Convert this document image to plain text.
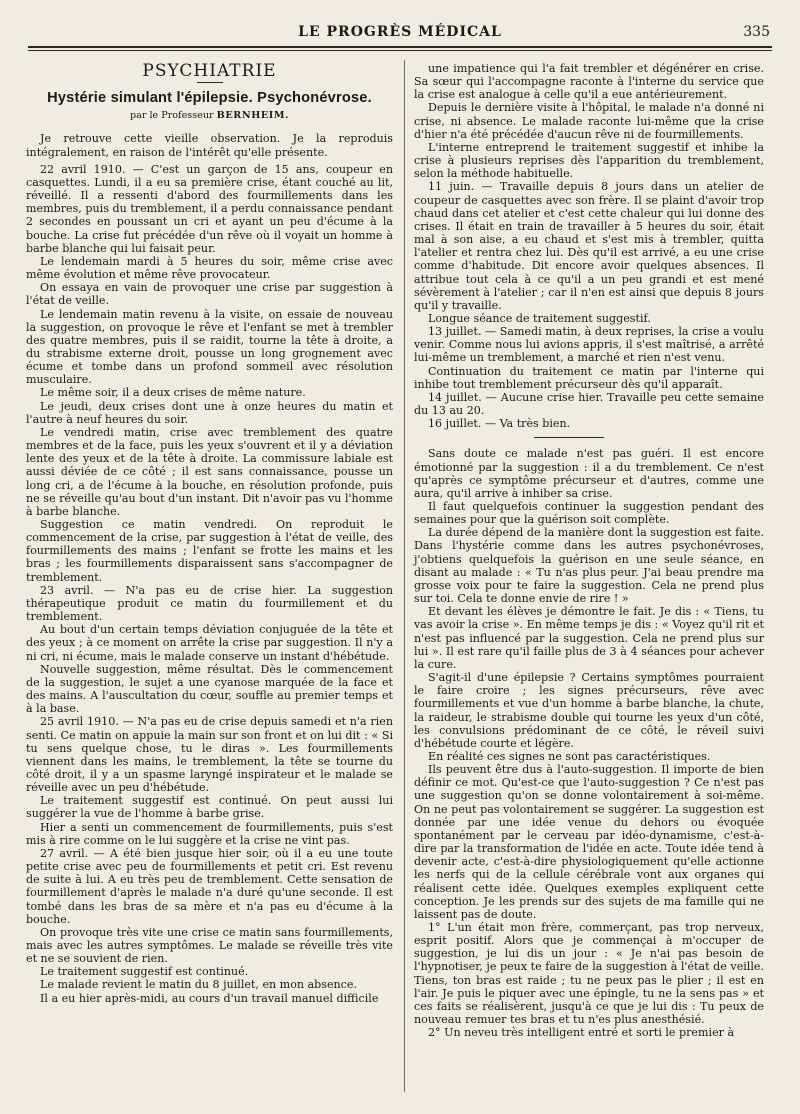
LE PROGRÈS MÉDICAL	335
PSYCHIATRIE
Hystérie simulant l'épilepsie. Psychonévrose.
par le Professeur BERNHEIM.

Je retrouve cette vieille observation. Je la reproduis intégralement, en raison de l'intérêt qu'elle présente.

22 avril 1910. — C'est un garçon de 15 ans, coupeur en casquettes. Lundi, il a eu sa première crise, étant couché au lit, réveillé. Il a ressenti d'abord des fourmillements dans les membres, puis du tremblement, il a perdu connaissance pendant 2 secondes en poussant un cri et ayant un peu d'écume à la bouche. La crise fut précédée d'un rêve où il voyait un homme à barbe blanche qui lui faisait peur.

Le lendemain mardi à 5 heures du soir, même crise avec même évolution et même rêve provocateur.

On essaya en vain de provoquer une crise par suggestion à l'état de veille.

Le lendemain matin revenu à la visite, on essaie de nouveau la suggestion, on provoque le rêve et l'enfant se met à trembler des quatre membres, puis il se raidit, tourne la tête à droite, a du strabisme externe droit, pousse un long grognement avec écume et tombe dans un profond sommeil avec résolution musculaire.

Le même soir, il a deux crises de même nature.

Le jeudi, deux crises dont une à onze heures du matin et l'autre à neuf heures du soir.

Le vendredi matin, crise avec tremblement des quatre membres et de la face, puis les yeux s'ouvrent et il y a déviation lente des yeux et de la tête à droite. La commissure labiale est aussi déviée de ce côté ; il est sans connaissance, pousse un long cri, a de l'écume à la bouche, en résolution profonde, puis ne se réveille qu'au bout d'un instant. Dit n'avoir pas vu l'homme à barbe blanche.

Suggestion ce matin vendredi. On reproduit le commencement de la crise, par suggestion à l'état de veille, des fourmillements des mains ; l'enfant se frotte les mains et les bras ; les fourmillements disparaissent sans s'accompagner de tremblement.

23 avril. — N'a pas eu de crise hier. La suggestion thérapeutique produit ce matin du fourmillement et du tremblement.

Au bout d'un certain temps déviation conjuguée de la tête et des yeux ; à ce moment on arrête la crise par suggestion. Il n'y a ni cri, ni écume, mais le malade conserve un instant d'hébétude.

Nouvelle suggestion, même résultat. Dès le commencement de la suggestion, le sujet a une cyanose marquée de la face et des mains. A l'auscultation du cœur, souffle au premier temps et à la base.

25 avril 1910. — N'a pas eu de crise depuis samedi et n'a rien senti. Ce matin on appuie la main sur son front et on lui dit : « Si tu sens quelque chose, tu le diras ». Les fourmillements viennent dans les mains, le tremblement, la tête se tourne du côté droit, il y a un spasme laryngé inspirateur et le malade se réveille avec un peu d'hébétude.

Le traitement suggestif est continué. On peut aussi lui suggérer la vue de l'homme à barbe grise.

Hier a senti un commencement de fourmillements, puis s'est mis à rire comme on le lui suggère et la crise ne vint pas.

27 avril. — A été bien jusque hier soir, où il a eu une toute petite crise avec peu de fourmillements et petit cri. Est revenu de suite à lui. A eu très peu de tremblement. Cette sensation de fourmillement d'après le malade n'a duré qu'une seconde. Il est tombé dans les bras de sa mère et n'a pas eu d'écume à la bouche.

On provoque très vite une crise ce matin sans fourmillements, mais avec les autres symptômes. Le malade se réveille très vite et ne se souvient de rien.

Le traitement suggestif est continué.

Le malade revient le matin du 8 juillet, en mon absence.

Il a eu hier après-midi, au cours d'un travail manuel difficile

une impatience qui l'a fait trembler et dégénérer en crise. Sa sœur qui l'accompagne raconte à l'interne du service que la crise est analogue à celle qu'il a eue antérieurement.

Depuis le dernière visite à l'hôpital, le malade n'a donné ni crise, ni absence. Le malade raconte lui-même que la crise d'hier n'a été précédée d'aucun rêve ni de fourmillements.

L'interne entreprend le traitement suggestif et inhibe la crise à plusieurs reprises dès l'apparition du tremblement, selon la méthode habituelle.

11 juin. — Travaille depuis 8 jours dans un atelier de coupeur de casquettes avec son frère. Il se plaint d'avoir trop chaud dans cet atelier et c'est cette chaleur qui lui donne des crises. Il était en train de travailler à 5 heures du soir, était mal à son aise, a eu chaud et s'est mis à trembler, quitta l'atelier et rentra chez lui. Dès qu'il est arrivé, a eu une crise comme d'habitude. Dit encore avoir quelques absences. Il attribue tout cela à ce qu'il a un peu grandi et est mené sévèrement à l'atelier ; car il n'en est ainsi que depuis 8 jours qu'il y travaille.

Longue séance de traitement suggestif.

13 juillet. — Samedi matin, à deux reprises, la crise a voulu venir. Comme nous lui avions appris, il s'est maîtrisé, a arrêté lui-même un tremblement, a marché et rien n'est venu.

Continuation du traitement ce matin par l'interne qui inhibe tout tremblement précurseur dès qu'il apparaît.

14 juillet. — Aucune crise hier. Travaille peu cette semaine du 13 au 20.

16 juillet. — Va très bien.

Sans doute ce malade n'est pas guéri. Il est encore émotionné par la suggestion : il a du tremblement. Ce n'est qu'après ce symptôme précurseur et d'autres, comme une aura, qu'il arrive à inhiber sa crise.

Il faut quelquefois continuer la suggestion pendant des semaines pour que la guérison soit complète.

La durée dépend de la manière dont la suggestion est faite. Dans l'hystérie comme dans les autres psychonévroses, j'obtiens quelquefois la guérison en une seule séance, en disant au malade : « Tu n'as plus peur. J'ai beau prendre ma grosse voix pour te faire la suggestion. Cela ne prend plus sur toi. Cela te donne envie de rire ! »

Et devant les élèves je démontre le fait. Je dis : « Tiens, tu vas avoir la crise ». En même temps je dis : « Voyez qu'il rit et n'est pas influencé par la suggestion. Cela ne prend plus sur lui ». Il est rare qu'il faille plus de 3 à 4 séances pour achever la cure.

S'agit-il d'une épilepsie ? Certains symptômes pourraient le faire croire ; les signes précurseurs, rêve avec fourmillements et vue d'un homme à barbe blanche, la chute, la raideur, le strabisme double qui tourne les yeux d'un côté, les convulsions prédominant de ce côté, le réveil suivi d'hébétude courte et légère.

En réalité ces signes ne sont pas caractéristiques.

Ils peuvent être dus à l'auto-suggestion. Il importe de bien définir ce mot. Qu'est-ce que l'auto-suggestion ? Ce n'est pas une suggestion qu'on se donne volontairement à soi-même. On ne peut pas volontairement se suggérer. La suggestion est donnée par une idée venue du dehors ou évoquée spontanément par le cerveau par idéo-dynamisme, c'est-à-dire par la transformation de l'idée en acte. Toute idée tend à devenir acte, c'est-à-dire physiologiquement qu'elle actionne les nerfs qui de la cellule cérébrale vont aux organes qui réalisent cette idée. Quelques exemples expliquent cette conception. Je les prends sur des sujets de ma famille qui ne laissent pas de doute.

1° L'un était mon frère, commerçant, pas trop nerveux, esprit positif. Alors que je commençai à m'occuper de suggestion, je lui dis un jour : « Je n'ai pas besoin de l'hypnotiser, je peux te faire de la suggestion à l'état de veille. Tiens, ton bras est raide ; tu ne peux pas le plier ; il est en l'air. Je puis le piquer avec une épingle, tu ne la sens pas » et ces faits se réalisèrent, jusqu'à ce que je lui dis : Tu peux de nouveau remuer tes bras et tu n'es plus anesthésié.

2° Un neveu très intelligent entré et sorti le premier à
